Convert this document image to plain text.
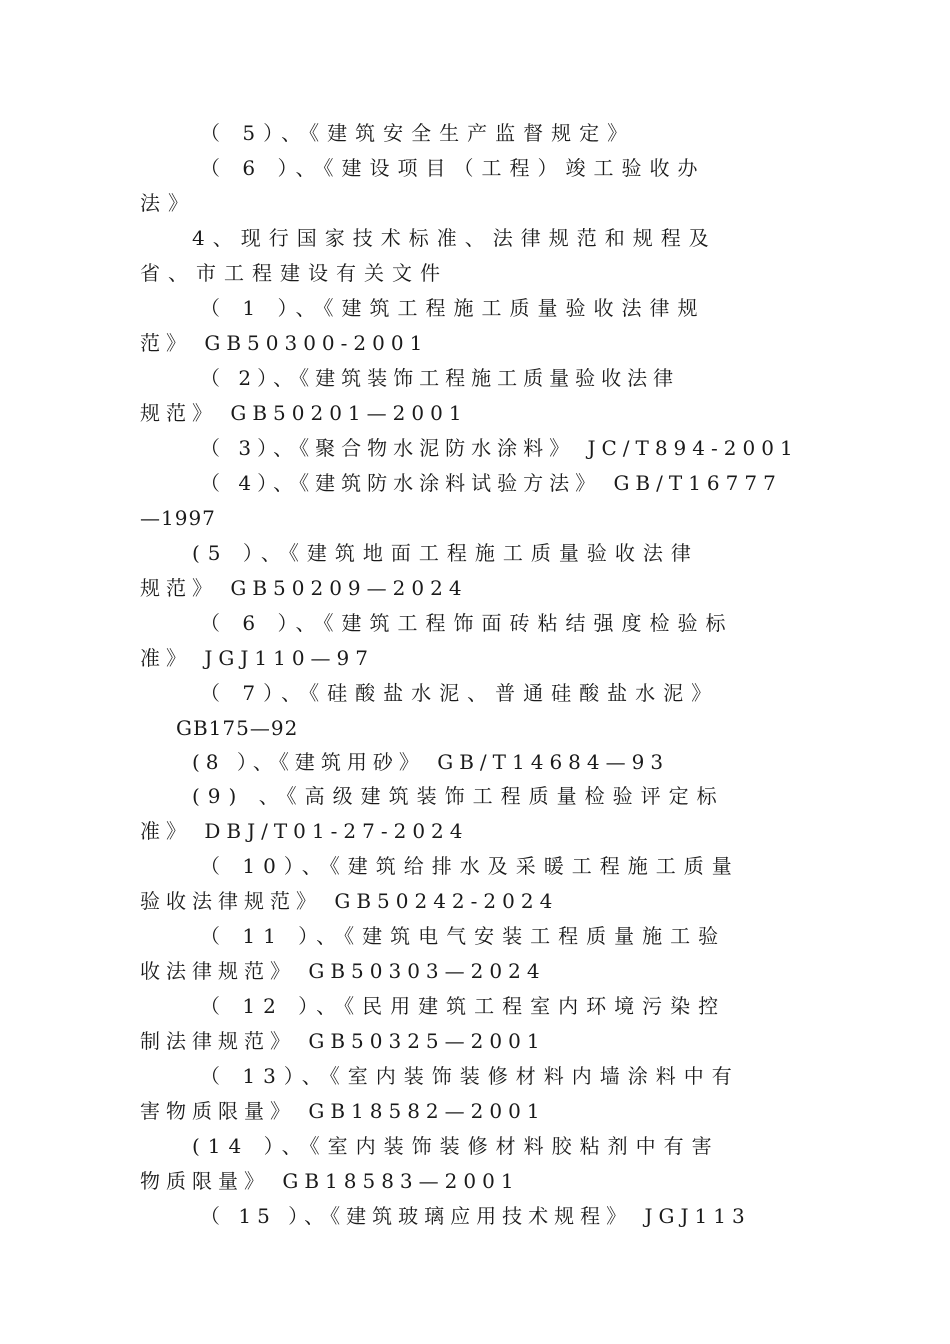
（ 5）、《建筑安全生产监督规定》
（ 6 ）、《建设项目（工程）竣工验收办
法》
4、现行国家技术标准、法律规范和规程及
省、市工程建设有关文件
（ 1 ）、《建筑工程施工质量验收法律规
范》 GB50300-2001
（ 2）、《建筑装饰工程施工质量验收法律
规范》 GB50201—2001
（ 3）、《聚合物水泥防水涂料》 JC/T894-2001
（ 4）、《建筑防水涂料试验方法》 GB/T16777
—1997
(5 ）、《建筑地面工程施工质量验收法律
规范》 GB50209—2024
（ 6 ）、《建筑工程饰面砖粘结强度检验标
准》 JGJ110—97
（ 7）、《硅酸盐水泥、普通硅酸盐水泥》
GB175—92
(8 ）、《建筑用砂》 GB/T14684—93
(9) 、《高级建筑装饰工程质量检验评定标
准》 DBJ/T01-27-2024
（ 10）、《建筑给排水及采暖工程施工质量
验收法律规范》 GB50242-2024
（ 11 ）、《建筑电气安装工程质量施工验
收法律规范》 GB50303—2024
（ 12 ）、《民用建筑工程室内环境污染控
制法律规范》 GB50325—2001
（ 13）、《室内装饰装修材料内墙涂料中有
害物质限量》 GB18582—2001
(14 ）、《室内装饰装修材料胶粘剂中有害
物质限量》 GB18583—2001
（ 15 ）、《建筑玻璃应用技术规程》 JGJ113
